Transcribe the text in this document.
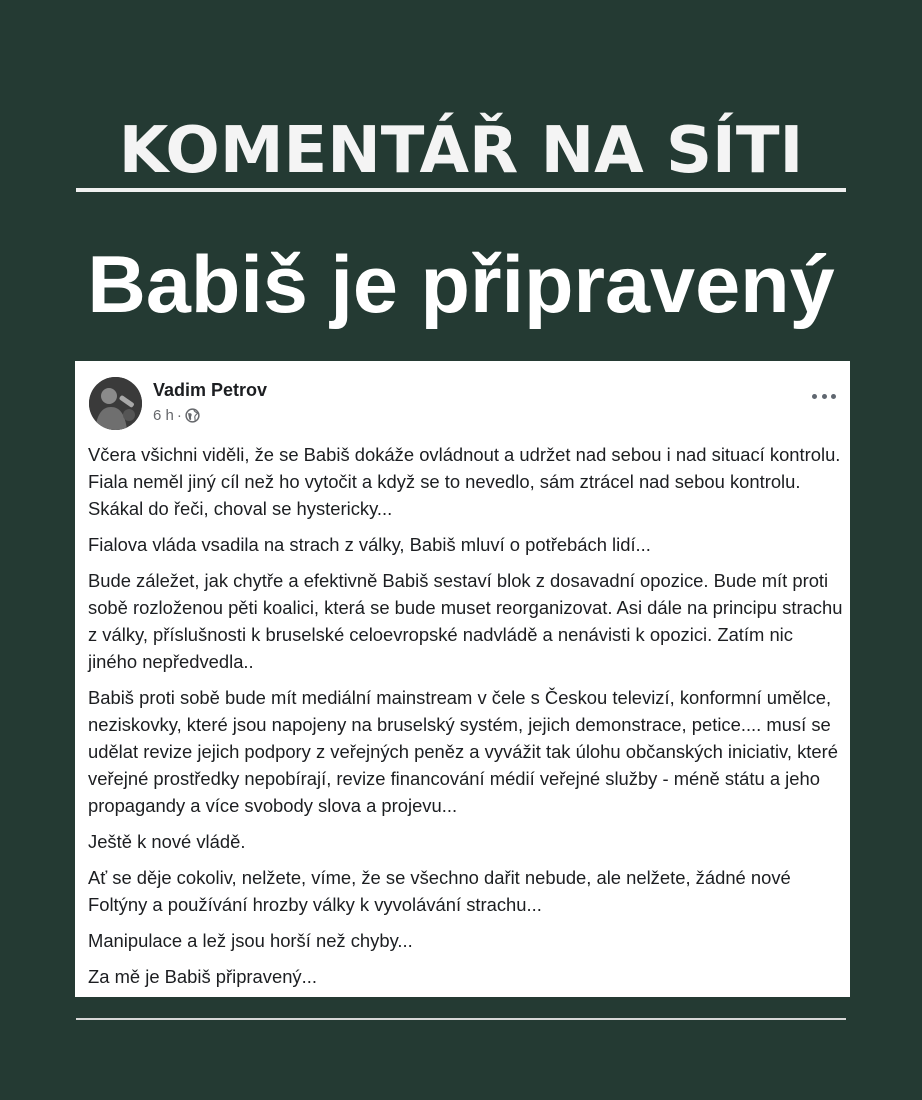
KOMENTÁŘ NA SÍTI
Babiš je připravený
Vadim Petrov
6 h ·

Včera všichni viděli, že se Babiš dokáže ovládnout a udržet nad sebou i nad situací kontrolu. Fiala neměl jiný cíl než ho vytočit a když se to nevedlo, sám ztrácel nad sebou kontrolu. Skákal do řeči, choval se hystericky...

Fialova vláda vsadila na strach z války, Babiš mluví o potřebách lidí...

Bude záležet, jak chytře a efektivně Babiš sestaví blok z dosavadní opozice. Bude mít proti sobě rozloženou pěti koalici, která se bude muset reorganizovat. Asi dále na principu strachu z války, příslušnosti k bruselské celoevropské nadvládě a nenávisti k opozici. Zatím nic jiného nepředvedla..

Babiš proti sobě bude mít mediální mainstream v čele s Českou televizí, konformní umělce, neziskovky, které jsou napojeny na bruselský systém, jejich demonstrace, petice.... musí se udělat revize jejich podpory z veřejných peněz a vyvážit tak úlohu občanských iniciativ, které veřejné prostředky nepobírají, revize financování médií veřejné služby - méně státu a jeho propagandy a více svobody slova a projevu...

Ještě k nové vládě.

Ať se děje cokoliv, nelžete, víme, že se všechno dařit nebude, ale nelžete, žádné nové Foltýny a používání hrozby války k vyvolávání strachu...

Manipulace a lež jsou horší než chyby...

Za mě je Babiš připravený...
